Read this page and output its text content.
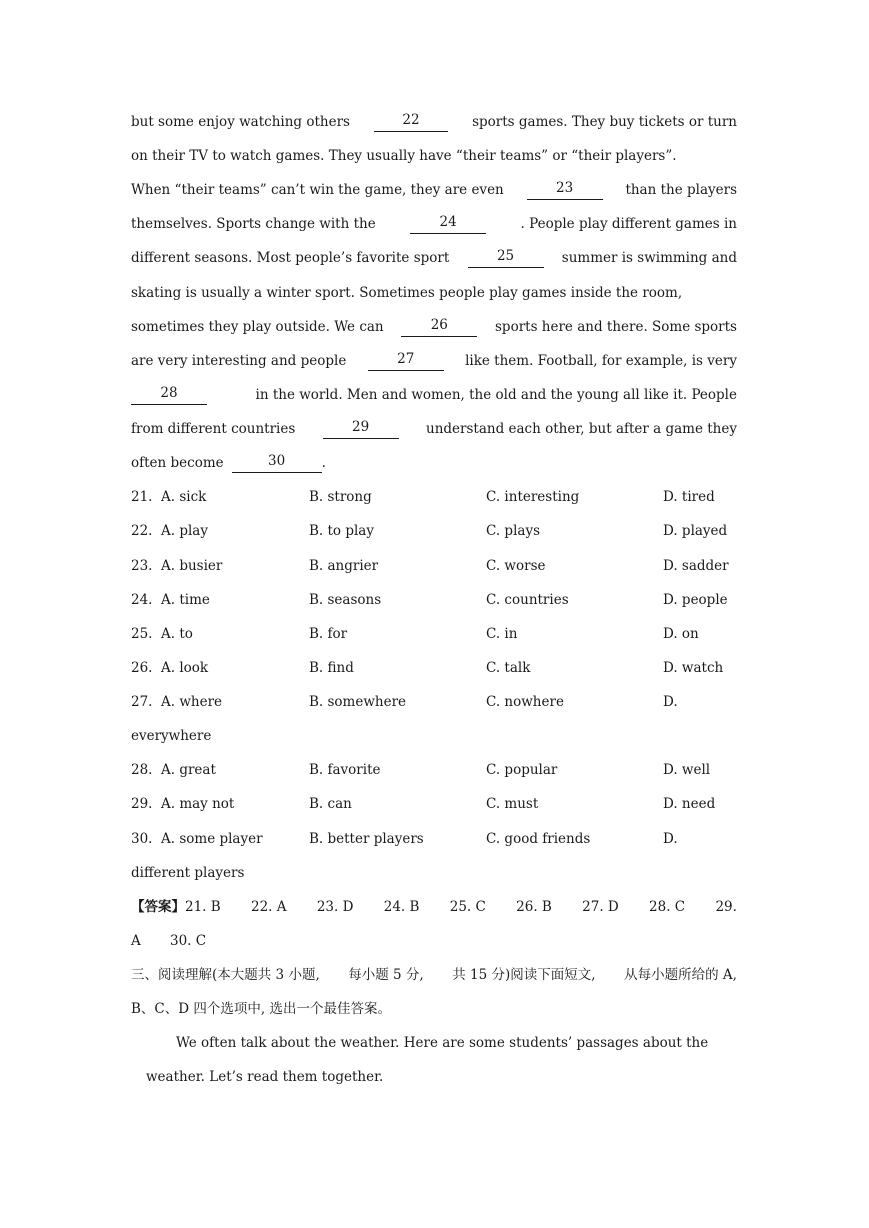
but some enjoy watching others	22	sports games. They buy tickets or turn
on their TV to watch games. They usually have “their teams” or “their players”.
When “their teams” can’t win the game, they are even	23	than the players
themselves. Sports change with the	24	. People play different games in
different seasons. Most people’s favorite sport	25	summer is swimming and
skating is usually a winter sport. Sometimes people play games inside the room,
sometimes they play outside. We can	26	sports here and there. Some sports
are very interesting and people	27	like them. Football, for example, is very
28	in the world. Men and women, the old and the young all like it. People
from different countries	29	understand each other, but after a game they
often become	30	.
21. A. sick	B. strong	C. interesting	D. tired
22. A. play	B. to play	C. plays	D. played
23. A. busier	B. angrier	C. worse	D. sadder
24. A. time	B. seasons	C. countries	D. people
25. A. to	B. for	C. in	D. on
26. A. look	B. find	C. talk	D. watch
27. A. where	B. somewhere	C. nowhere	D.
everywhere
28. A. great	B. favorite	C. popular	D. well
29. A. may not	B. can	C. must	D. need
30. A. some player	B. better players	C. good friends	D.
different players
【答案】21. B 22. A 23. D 24. B 25. C 26. B 27. D 28. C 29.
A 30. C
三、阅读理解(本大题共 3 小题, 每小题 5 分, 共 15 分)阅读下面短文, 从每小题所给的 A,
B、C、D 四个选项中, 选出一个最佳答案。
We often talk about the weather. Here are some students’ passages about the
weather. Let’s read them together.
